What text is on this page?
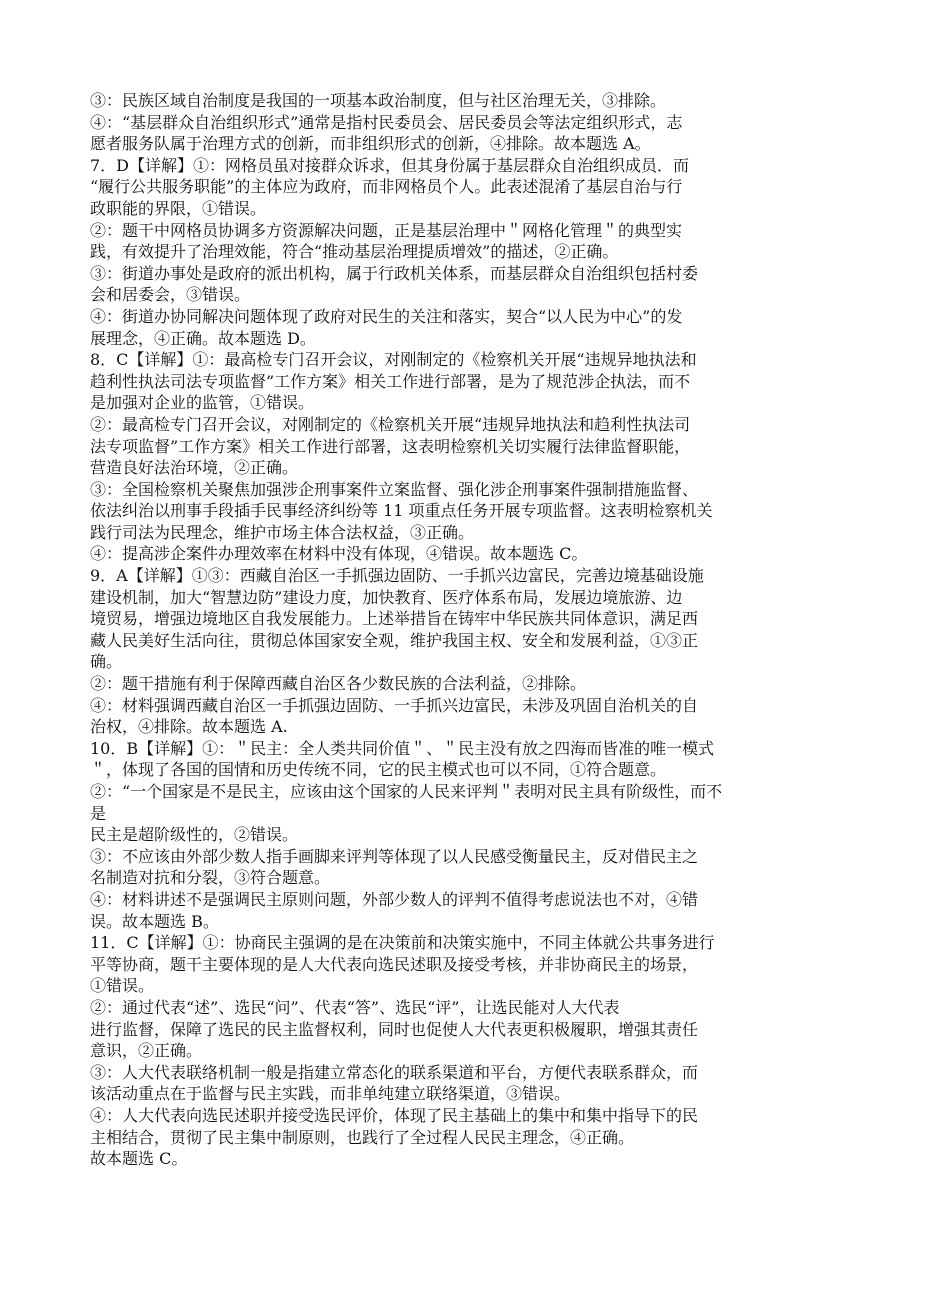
③：民族区域自治制度是我国的一项基本政治制度，但与社区治理无关，③排除。
④：“基层群众自治组织形式”通常是指村民委员会、居民委员会等法定组织形式，志
愿者服务队属于治理方式的创新，而非组织形式的创新，④排除。故本题选 A。
7．D【详解】①：网格员虽对接群众诉求，但其身份属于基层群众自治组织成员．而
“履行公共服务职能”的主体应为政府，而非网格员个人。此表述混淆了基层自治与行
政职能的界限，①错误。
②：题干中网格员协调多方资源解决问题，正是基层治理中＂网格化管理＂的典型实
践，有效提升了治理效能，符合“推动基层治理提质增效”的描述，②正确。
③：街道办事处是政府的派出机构，属于行政机关体系，而基层群众自治组织包括村委
会和居委会，③错误。
④：街道办协同解决问题体现了政府对民生的关注和落实，契合“以人民为中心”的发
展理念，④正确。故本题选 D。
8．C【详解】①：最高检专门召开会议，对刚制定的《检察机关开展“违规异地执法和
趋利性执法司法专项监督”工作方案》相关工作进行部署，是为了规范涉企执法，而不
是加强对企业的监管，①错误。
②：最高检专门召开会议，对刚制定的《检察机关开展“违规异地执法和趋利性执法司
法专项监督”工作方案》相关工作进行部署，这表明检察机关切实履行法律监督职能，
营造良好法治环境，②正确。
③：全国检察机关聚焦加强涉企刑事案件立案监督、强化涉企刑事案件强制措施监督、
依法纠治以刑事手段插手民事经济纠纷等 11 项重点任务开展专项监督。这表明检察机关
践行司法为民理念，维护市场主体合法权益，③正确。
④：提高涉企案件办理效率在材料中没有体现，④错误。故本题选 C。
9．A【详解】①③：西藏自治区一手抓强边固防、一手抓兴边富民，完善边境基础设施
建设机制，加大“智慧边防”建设力度，加快教育、医疗体系布局，发展边境旅游、边
境贸易，增强边境地区自我发展能力。上述举措旨在铸牢中华民族共同体意识，满足西
藏人民美好生活向往，贯彻总体国家安全观，维护我国主权、安全和发展利益，①③正
确。
②：题干措施有利于保障西藏自治区各少数民族的合法利益，②排除。
④：材料强调西藏自治区一手抓强边固防、一手抓兴边富民，未涉及巩固自治机关的自
治权，④排除。故本题选 A.
10．B【详解】①：＂民主：全人类共同价值＂、＂民主没有放之四海而皆准的唯一模式
＂，体现了各国的国情和历史传统不同，它的民主模式也可以不同，①符合题意。
②：“一个国家是不是民主，应该由这个国家的人民来评判＂表明对民主具有阶级性，而不
是
民主是超阶级性的，②错误。
③：不应该由外部少数人指手画脚来评判等体现了以人民感受衡量民主，反对借民主之
名制造对抗和分裂，③符合题意。
④：材料讲述不是强调民主原则问题，外部少数人的评判不值得考虑说法也不对，④错
误。故本题选 B。
11．C【详解】①：协商民主强调的是在决策前和决策实施中，不同主体就公共事务进行
平等协商，题干主要体现的是人大代表向选民述职及接受考核，并非协商民主的场景，
①错误。
②：通过代表“述”、选民“问”、代表“答”、选民“评”，让选民能对人大代表
进行监督，保障了选民的民主监督权利，同时也促使人大代表更积极履职，增强其责任
意识，②正确。
③：人大代表联络机制一般是指建立常态化的联系渠道和平台，方便代表联系群众，而
该活动重点在于监督与民主实践，而非单纯建立联络渠道，③错误。
④：人大代表向选民述职并接受选民评价，体现了民主基础上的集中和集中指导下的民
主相结合，贯彻了民主集中制原则，也践行了全过程人民民主理念，④正确。
故本题选 C。
